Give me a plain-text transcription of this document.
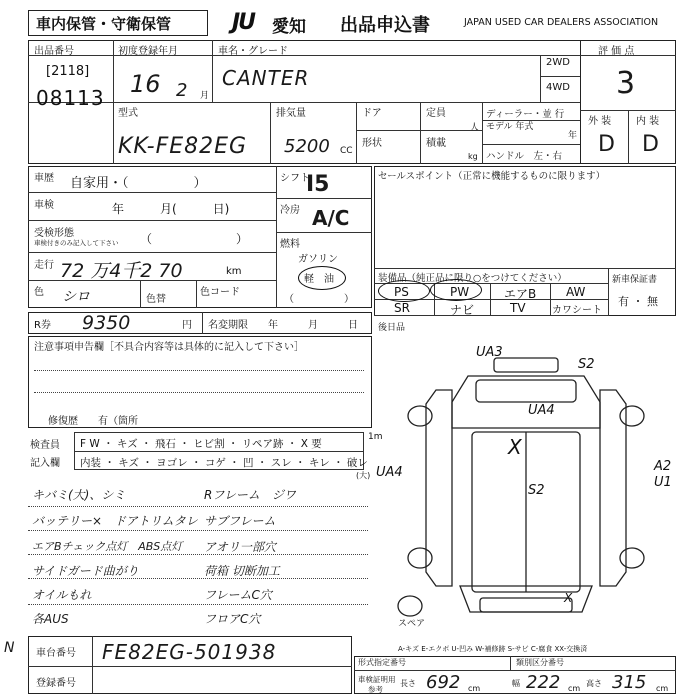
車内保管・守衛保管	JU	愛知 出品申込書	JAPAN USED CAR DEALERS ASSOCIATION
出品番号
[2118]
08113
初度登録年月
16 2 月
車名・グレード
CANTER
2WD
4WD
評 価 点
3
外 装 内 装
D D
型式
KK-FE82EG
排気量
5200 CC
ドア
形状
定員
人
積載
kg
ディーラー・並 行
モデル 年式
年
ハンドル　左・右
車歴 自家用・（　　　　　）
車検	年　　　月(　　　日)
受検形態
車検付きのみ記入して下さい （　　　　　　　）
走行 72 万4千2 70	km
色 シロ	色替
色コード
シフト
I5
冷房 A/C
燃料
ガソリン
軽　油
（　　　　　）
セールスポイント（正常に機能するものに限ります）
装備品（純正品に限り○をつけてください）	新車保証書
有 ・ 無
PS	PW	エアB AW
SR	ナビ	TV	カワシート
R券 9350	円 名変期限 年　　　月　　　日
注意事項申告欄［不具合内容等は具体的に記入して下さい］
修復歴　　有（箇所
後日品
検査員
記入欄
F W ・ キズ ・ 飛石 ・ ヒビ割 ・ リペア跡 ・ X 要
内装 ・ キズ ・ ヨゴレ ・ コゲ ・ 凹 ・ スレ ・ キレ ・ 破レ
1m
(大)
キバミ(大)、シミ
バッテリー×　ドアトリムタレ
エアBチェック点灯　ABS点灯
サイドガード曲がり
オイルもれ
各AUS
Rフレーム　ジワ
サブフレーム
アオリ一部穴
荷箱 切断加工
フレームC穴
フロアC穴
UA3
S2
UA4
UA4
X
S2
A2
U1
X
スペア
A-キズ E-エクボ U-凹み W-補修跡 S-サビ C-腐食 XX-交換済
車台番号 FE82EG-501938
登録番号
N
形式指定番号	類別区分番号
車検証明用
参考
長さ 692 cm
幅 222 cm
高さ 315 cm
